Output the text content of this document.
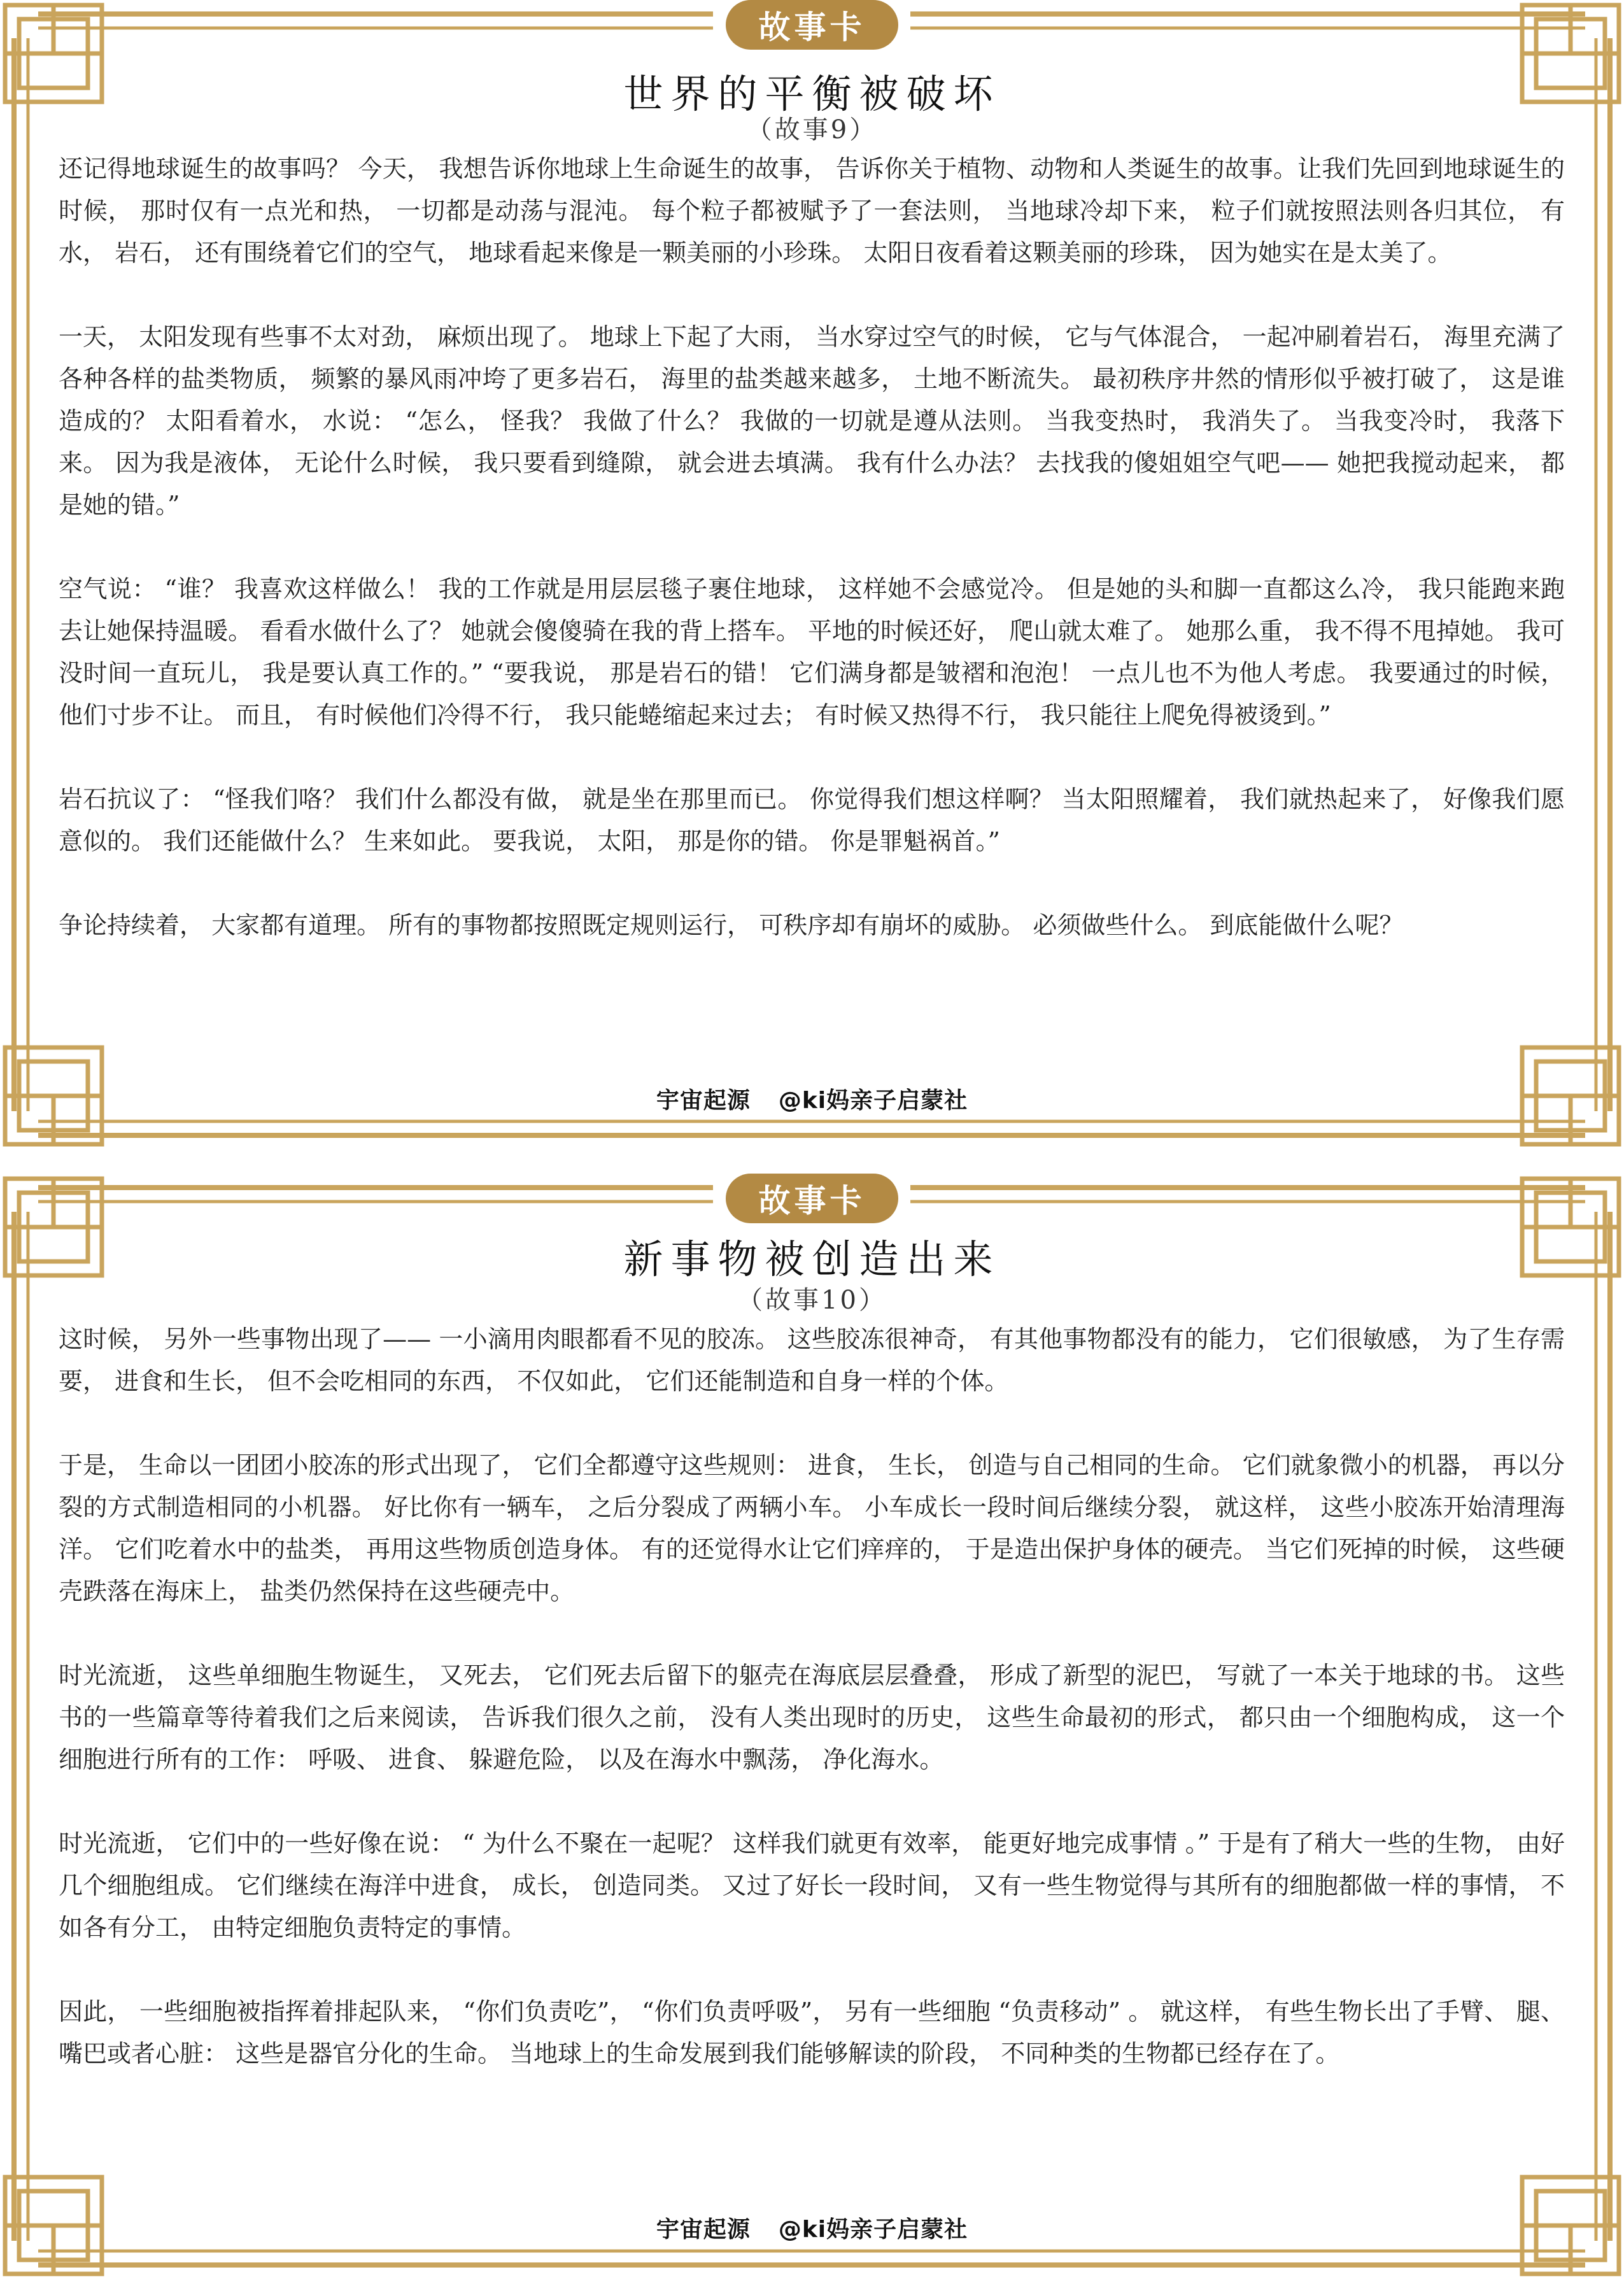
故事卡
世界的平衡被破坏
（故事9）

还记得地球诞生的故事吗？ 今天， 我想告诉你地球上生命诞生的故事， 告诉你关于植物、动物和人类诞生的故事。让我们先回到地球诞生的时候， 那时仅有一点光和热， 一切都是动荡与混沌。 每个粒子都被赋予了一套法则， 当地球冷却下来， 粒子们就按照法则各归其位， 有水， 岩石， 还有围绕着它们的空气， 地球看起来像是一颗美丽的小珍珠。 太阳日夜看着这颗美丽的珍珠， 因为她实在是太美了。

一天， 太阳发现有些事不太对劲， 麻烦出现了。 地球上下起了大雨， 当水穿过空气的时候， 它与气体混合， 一起冲刷着岩石， 海里充满了各种各样的盐类物质， 频繁的暴风雨冲垮了更多岩石， 海里的盐类越来越多， 土地不断流失。 最初秩序井然的情形似乎被打破了， 这是谁造成的？ 太阳看着水， 水说： “怎么， 怪我？ 我做了什么？ 我做的一切就是遵从法则。 当我变热时， 我消失了。 当我变冷时， 我落下来。 因为我是液体， 无论什么时候， 我只要看到缝隙， 就会进去填满。 我有什么办法？ 去找我的傻姐姐空气吧—— 她把我搅动起来， 都是她的错。”

空气说： “谁？ 我喜欢这样做么！ 我的工作就是用层层毯子裹住地球， 这样她不会感觉冷。 但是她的头和脚一直都这么冷， 我只能跑来跑去让她保持温暖。 看看水做什么了？ 她就会傻傻骑在我的背上搭车。 平地的时候还好， 爬山就太难了。 她那么重， 我不得不甩掉她。 我可没时间一直玩儿， 我是要认真工作的。” “要我说， 那是岩石的错！ 它们满身都是皱褶和泡泡！ 一点儿也不为他人考虑。 我要通过的时候， 他们寸步不让。 而且， 有时候他们冷得不行， 我只能蜷缩起来过去； 有时候又热得不行， 我只能往上爬免得被烫到。”

岩石抗议了： “怪我们咯？ 我们什么都没有做， 就是坐在那里而已。 你觉得我们想这样啊？ 当太阳照耀着， 我们就热起来了， 好像我们愿意似的。 我们还能做什么？ 生来如此。 要我说， 太阳， 那是你的错。 你是罪魁祸首。”

争论持续着， 大家都有道理。 所有的事物都按照既定规则运行， 可秩序却有崩坏的威胁。 必须做些什么。 到底能做什么呢？

宇宙起源 @ki妈亲子启蒙社
故事卡
新事物被创造出来
（故事10）

这时候， 另外一些事物出现了—— 一小滴用肉眼都看不见的胶冻。 这些胶冻很神奇， 有其他事物都没有的能力， 它们很敏感， 为了生存需要， 进食和生长， 但不会吃相同的东西， 不仅如此， 它们还能制造和自身一样的个体。

于是， 生命以一团团小胶冻的形式出现了， 它们全都遵守这些规则： 进食， 生长， 创造与自己相同的生命。 它们就象微小的机器， 再以分裂的方式制造相同的小机器。 好比你有一辆车， 之后分裂成了两辆小车。 小车成长一段时间后继续分裂， 就这样， 这些小胶冻开始清理海洋。 它们吃着水中的盐类， 再用这些物质创造身体。 有的还觉得水让它们痒痒的， 于是造出保护身体的硬壳。 当它们死掉的时候， 这些硬壳跌落在海床上， 盐类仍然保持在这些硬壳中。

时光流逝， 这些单细胞生物诞生， 又死去， 它们死去后留下的躯壳在海底层层叠叠， 形成了新型的泥巴， 写就了一本关于地球的书。 这些书的一些篇章等待着我们之后来阅读， 告诉我们很久之前， 没有人类出现时的历史， 这些生命最初的形式， 都只由一个细胞构成， 这一个细胞进行所有的工作： 呼吸、 进食、 躲避危险， 以及在海水中飘荡， 净化海水。

时光流逝， 它们中的一些好像在说： “ 为什么不聚在一起呢？ 这样我们就更有效率， 能更好地完成事情 。” 于是有了稍大一些的生物， 由好几个细胞组成。 它们继续在海洋中进食， 成长， 创造同类。 又过了好长一段时间， 又有一些生物觉得与其所有的细胞都做一样的事情， 不如各有分工， 由特定细胞负责特定的事情。

因此， 一些细胞被指挥着排起队来， “你们负责吃”， “你们负责呼吸”， 另有一些细胞 “负责移动” 。 就这样， 有些生物长出了手臂、 腿、 嘴巴或者心脏： 这些是器官分化的生命。 当地球上的生命发展到我们能够解读的阶段， 不同种类的生物都已经存在了。

宇宙起源 @ki妈亲子启蒙社
